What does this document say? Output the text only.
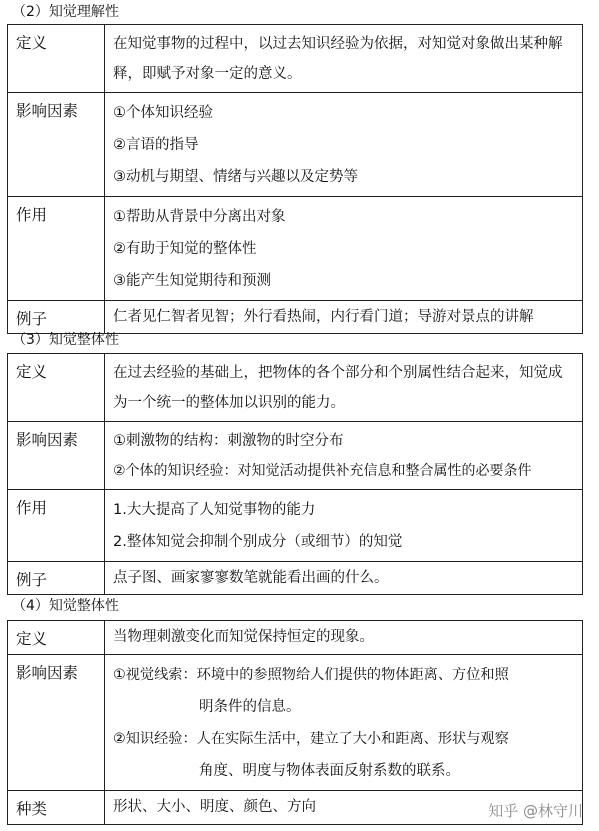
（2）知觉理解性
定义	在知觉事物的过程中，以过去知识经验为依据，对知觉对象做出某种解释，即赋予对象一定的意义。

影响因素	①个体知识经验
②言语的指导
③动机与期望、情绪与兴趣以及定势等

作用	①帮助从背景中分离出对象
②有助于知觉的整体性
③能产生知觉期待和预测

例子	仁者见仁智者见智；外行看热闹，内行看门道；导游对景点的讲解
（3）知觉整体性
定义	在过去经验的基础上，把物体的各个部分和个别属性结合起来，知觉成为一个统一的整体加以识别的能力。

影响因素	①刺激物的结构：刺激物的时空分布
②个体的知识经验：对知觉活动提供补充信息和整合属性的必要条件

作用	1.大大提高了人知觉事物的能力
2.整体知觉会抑制个别成分（或细节）的知觉

例子	点子图、画家寥寥数笔就能看出画的什么。
（4）知觉整体性
定义	当物理刺激变化而知觉保持恒定的现象。

影响因素	①视觉线索：环境中的参照物给人们提供的物体距离、方位和照
明条件的信息。
②知识经验：人在实际生活中，建立了大小和距离、形状与观察
角度、明度与物体表面反射系数的联系。

种类	形状、大小、明度、颜色、方向	知乎 @林守川
